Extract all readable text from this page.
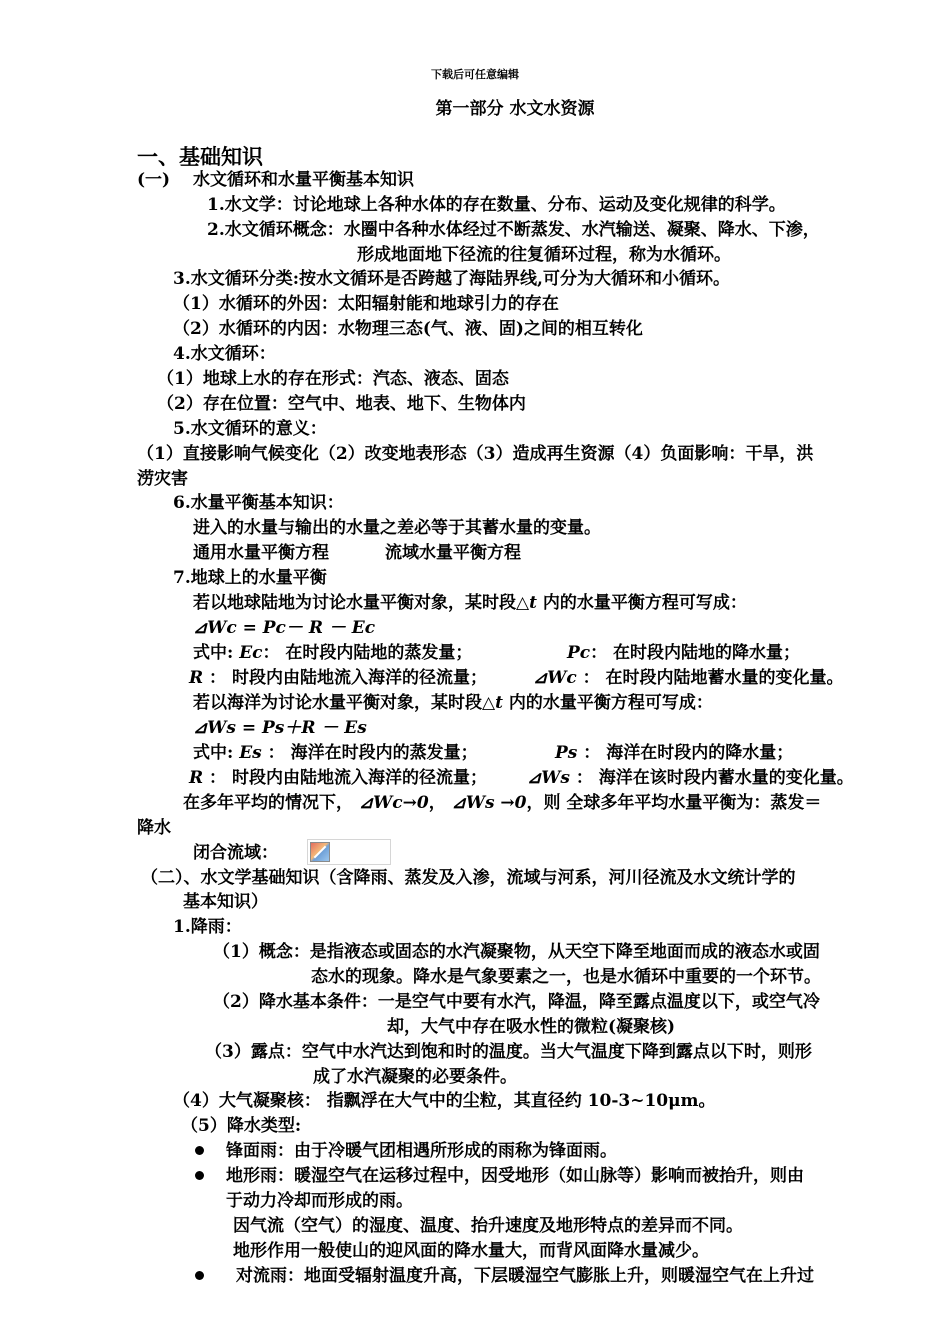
下载后可任意编辑
第一部分 水文水资源
一、基础知识
(一) 水文循环和水量平衡基本知识
1.水文学：讨论地球上各种水体的存在数量、分布、运动及变化规律的科学。
2.水文循环概念：水圈中各种水体经过不断蒸发、水汽输送、凝聚、降水、下渗，
形成地面地下径流的往复循环过程，称为水循环。
3.水文循环分类:按水文循环是否跨越了海陆界线,可分为大循环和小循环。
（1）水循环的外因：太阳辐射能和地球引力的存在
（2）水循环的内因：水物理三态(气、液、固)之间的相互转化
4.水文循环：
（1）地球上水的存在形式：汽态、液态、固态
（2）存在位置：空气中、地表、地下、生物体内
5.水文循环的意义：
（1）直接影响气候变化（2）改变地表形态（3）造成再生资源（4）负面影响：干旱，洪
涝灾害
6.水量平衡基本知识：
进入的水量与输出的水量之差必等于其蓄水量的变量。
通用水量平衡方程	流域水量平衡方程
7.地球上的水量平衡
若以地球陆地为讨论水量平衡对象，某时段△t 内的水量平衡方程可写成：
⊿Wc = Pc－ R － Ec
式中: Ec： 在时段内陆地的蒸发量；	Pc： 在时段内陆地的降水量；
R ： 时段内由陆地流入海洋的径流量；	⊿Wc ： 在时段内陆地蓄水量的变化量。
若以海洋为讨论水量平衡对象，某时段△t 内的水量平衡方程可写成：
⊿Ws = Ps＋R － Es
式中: Es ： 海洋在时段内的蒸发量；	Ps ： 海洋在时段内的降水量；
R ： 时段内由陆地流入海洋的径流量； ⊿Ws ： 海洋在该时段内蓄水量的变化量。
在多年平均的情况下， ⊿Wc→0， ⊿Ws →0，则 全球多年平均水量平衡为：蒸发＝
降水
闭合流域：
（二）、水文学基础知识（含降雨、蒸发及入渗，流域与河系，河川径流及水文统计学的
基本知识）
1.降雨：
（1）概念：是指液态或固态的水汽凝聚物，从天空下降至地面而成的液态水或固
态水的现象。降水是气象要素之一，也是水循环中重要的一个环节。
（2）降水基本条件：一是空气中要有水汽，降温，降至露点温度以下，或空气冷
却，大气中存在吸水性的微粒(凝聚核)
（3）露点：空气中水汽达到饱和时的温度。当大气温度下降到露点以下时，则形
成了水汽凝聚的必要条件。
（4）大气凝聚核： 指飘浮在大气中的尘粒，其直径约 10-3~10μm。
（5）降水类型:
锋面雨：由于冷暖气团相遇所形成的雨称为锋面雨。
地形雨：暖湿空气在运移过程中，因受地形（如山脉等）影响而被抬升，则由
于动力冷却而形成的雨。
因气流（空气）的湿度、温度、抬升速度及地形特点的差异而不同。
地形作用一般使山的迎风面的降水量大，而背风面降水量减少。
对流雨：地面受辐射温度升高，下层暖湿空气膨胀上升，则暖湿空气在上升过
